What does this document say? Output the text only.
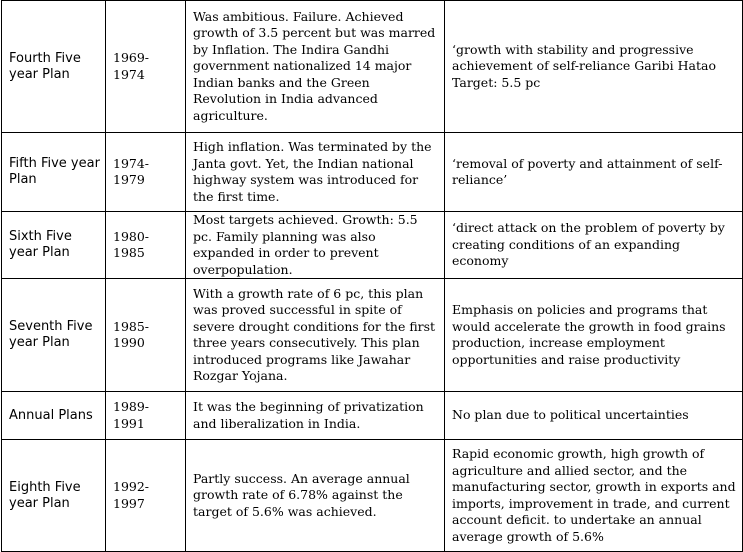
Fourth Five year Plan	1969-1974	Was ambitious. Failure. Achieved growth of 3.5 percent but was marred by Inflation. The Indira Gandhi government nationalized 14 major Indian banks and the Green Revolution in India advanced agriculture.	‘growth with stability and progressive achievement of self-reliance Garibi Hatao Target: 5.5 pc
Fifth Five year Plan	1974-1979	High inflation. Was terminated by the Janta govt. Yet, the Indian national highway system was introduced for the first time.	‘removal of poverty and attainment of self-reliance’
Sixth Five year Plan	1980-1985	Most targets achieved. Growth: 5.5 pc. Family planning was also expanded in order to prevent overpopulation.	‘direct attack on the problem of poverty by creating conditions of an expanding economy
Seventh Five year Plan	1985-1990	With a growth rate of 6 pc, this plan was proved successful in spite of severe drought conditions for the first three years consecutively. This plan introduced programs like Jawahar Rozgar Yojana.	Emphasis on policies and programs that would accelerate the growth in food grains production, increase employment opportunities and raise productivity
Annual Plans	1989-1991	It was the beginning of privatization and liberalization in India.	No plan due to political uncertainties
Eighth Five year Plan	1992-1997	Partly success. An average annual growth rate of 6.78% against the target of 5.6% was achieved.	Rapid economic growth, high growth of agriculture and allied sector, and the manufacturing sector, growth in exports and imports, improvement in trade, and current account deficit. to undertake an annual average growth of 5.6%
